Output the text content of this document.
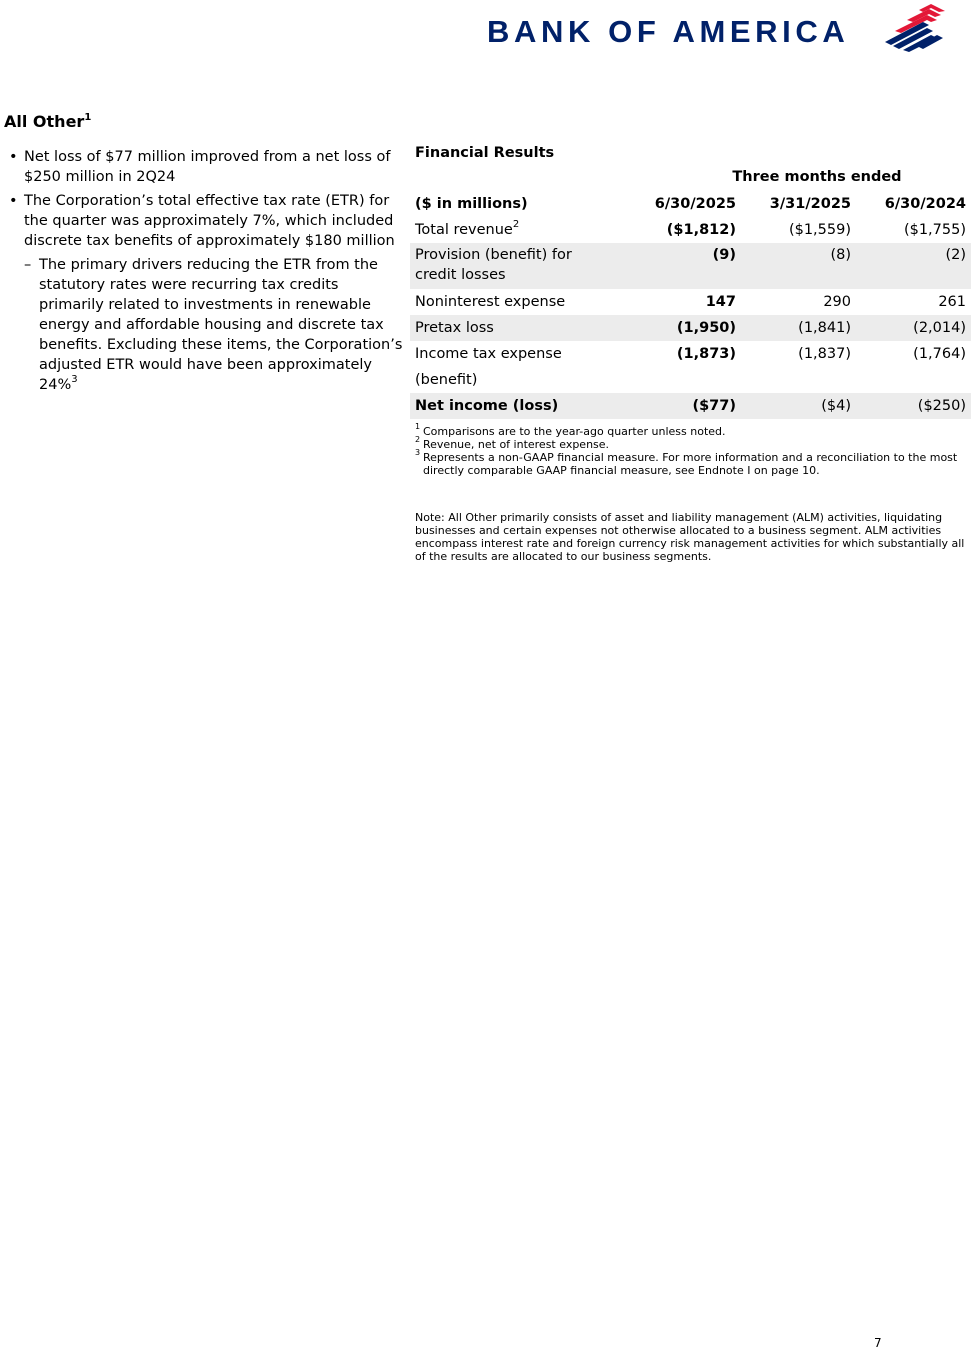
BANK OF AMERICA
All Other$^1$
• Net loss of $77 million improved from a net loss of $250 million in 2Q24
• The Corporation’s total effective tax rate (ETR) for the quarter was approximately 7%, which included discrete tax benefits of approximately $180 million
– The primary drivers reducing the ETR from the statutory rates were recurring tax credits primarily related to investments in renewable energy and affordable housing and discrete tax benefits. Excluding these items, the Corporation’s adjusted ETR would have been approximately 24%$^3$
Financial Results
	Three months ended		
($ in millions)	6/30/2025	3/31/2025	6/30/2024
Total revenue$^2$	($1,812)	($1,559)	($1,755)
Provision (benefit) for
credit losses	(9)	(8)	(2)
Noninterest expense	147	290	261
Pretax loss	(1,950)	(1,841)	(2,014)
Income tax expense (benefit)	(1,873)	(1,837)	(1,764)
Net income (loss)	($77)	($4)	($250)
1 Comparisons are to the year-ago quarter unless noted.
2 Revenue, net of interest expense.
3 Represents a non-GAAP financial measure. For more information and a reconciliation to the most directly comparable GAAP financial measure, see Endnote I on page 10.
Note: All Other primarily consists of asset and liability management (ALM) activities, liquidating businesses and certain expenses not otherwise allocated to a business segment. ALM activities encompass interest rate and foreign currency risk management activities for which substantially all of the results are allocated to our business segments.
7
